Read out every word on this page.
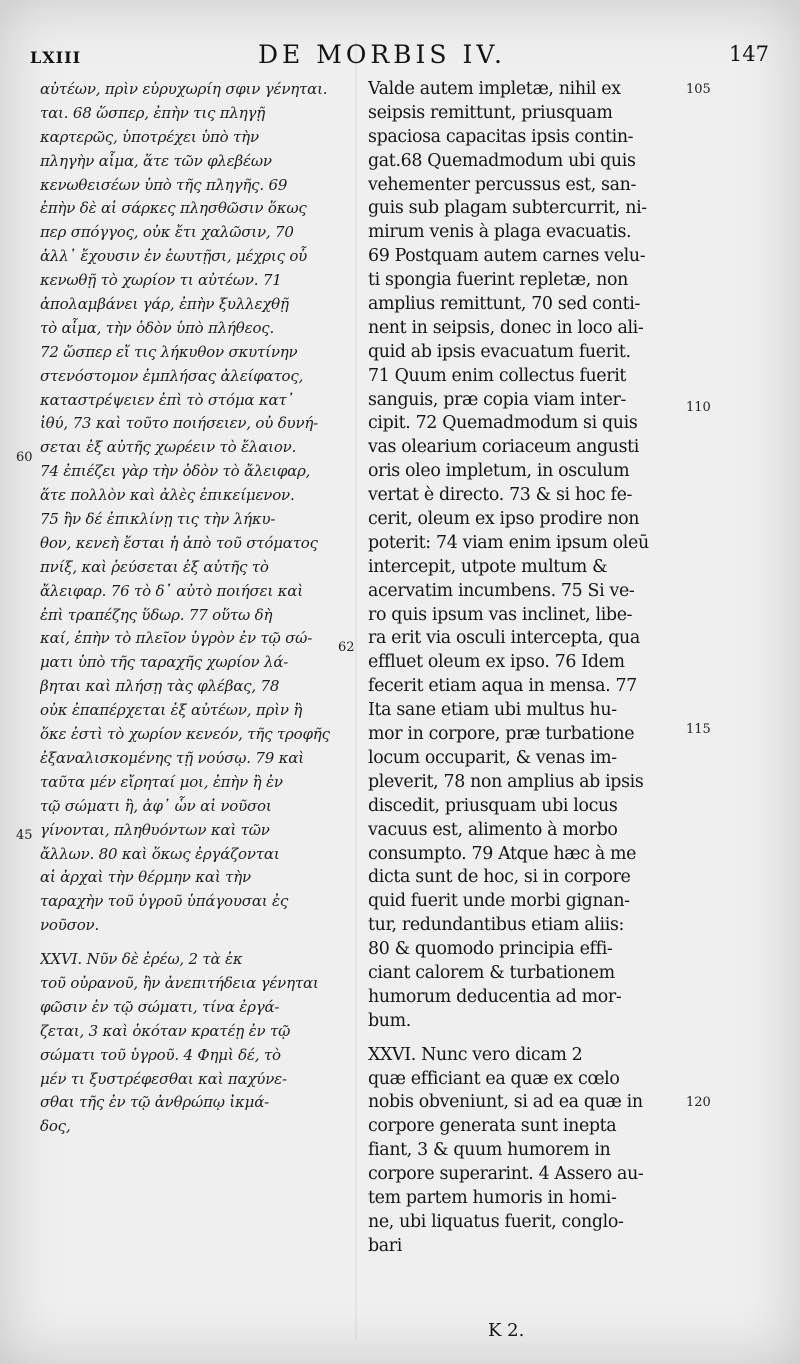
LXIII	DE MORBIS IV.	147
αὐτέων, πρὶν εὐρυχωρίη σφιν γένηται.
ται. 68 ὥσπερ, ἐπὴν τις πληγῇ
καρτερῶς, ὑποτρέχει ὑπὸ τὴν
πληγὴν αἷμα, ἅτε τῶν φλεβέων
κενωθεισέων ὑπὸ τῆς πληγῆς. 69
ἐπὴν δὲ αἱ σάρκες πλησθῶσιν ὅκως
περ σπόγγος, οὐκ ἔτι χαλῶσιν, 70
ἀλλ᾽ ἔχουσιν ἐν ἑωυτῇσι, μέχρις οὗ
κενωθῇ τὸ χωρίον τι αὐτέων. 71
ἀπολαμβάνει γάρ, ἐπὴν ξυλλεχθῇ
τὸ αἷμα, τὴν ὁδὸν ὑπὸ πλήθεος.
72 ὥσπερ εἴ τις λήκυθον σκυτίνην
στενόστομον ἐμπλήσας ἀλείφατος,
καταστρέψειεν ἐπὶ τὸ στόμα κατ᾽
ἰθύ, 73 καὶ τοῦτο ποιήσειεν, οὐ δυνή-
σεται ἐξ αὐτῆς χωρέειν τὸ ἔλαιον.
74 ἐπιέζει γὰρ τὴν ὁδὸν τὸ ἄλειφαρ,
ἅτε πολλὸν καὶ ἀλὲς ἐπικείμενον.
75 ἢν δέ ἐπικλίνῃ τις τὴν λήκυ-
θον, κενεὴ ἔσται ἡ ἀπὸ τοῦ στόματος
πνίξ, καὶ ῥεύσεται ἐξ αὐτῆς τὸ
ἄλειφαρ. 76 τὸ δ᾽ αὐτὸ ποιήσει καὶ
ἐπὶ τραπέζης ὕδωρ. 77 οὕτω δὴ
καί, ἐπὴν τὸ πλεῖον ὑγρὸν ἐν τῷ σώ-
ματι ὑπὸ τῆς ταραχῆς χωρίον λά-
βηται καὶ πλήσῃ τὰς φλέβας, 78
οὐκ ἐπαπέρχεται ἐξ αὐτέων, πρὶν ἢ
ὅκε ἐστὶ τὸ χωρίον κενεόν, τῆς τροφῆς
ἐξαναλισκομένης τῇ νούσῳ. 79 καὶ
ταῦτα μέν εἴρηταί μοι, ἐπὴν ἢ ἐν
τῷ σώματι ἢ, ἀφ᾽ ὧν αἱ νοῦσοι
γίνονται, πληθυόντων καὶ τῶν
ἄλλων. 80 καὶ ὅκως ἐργάζονται
αἱ ἀρχαὶ τὴν θέρμην καὶ τὴν
ταραχὴν τοῦ ὑγροῦ ὑπάγουσαι ἐς
νοῦσον.
XXVI. Νῦν δὲ ἐρέω, 2 τὰ ἐκ
τοῦ οὐρανοῦ, ἢν ἀνεπιτήδεια γένηται
φῶσιν ἐν τῷ σώματι, τίνα ἐργά-
ζεται, 3 καὶ ὁκόταν κρατέῃ ἐν τῷ
σώματι τοῦ ὑγροῦ. 4 Φημὶ δέ, τὸ
μέν τι ξυστρέφεσθαι καὶ παχύνε-
σθαι τῆς ἐν τῷ ἀνθρώπῳ ἰκμά-
δος,
Valde autem impletæ, nihil ex
seipsis remittunt, priusquam
spaciosa capacitas ipsis contin-
gat.68 Quemadmodum ubi quis
vehementer percussus est, san-
guis sub plagam subtercurrit, ni-
mirum venis à plaga evacuatis.
69 Postquam autem carnes velu-
ti spongia fuerint repletæ, non
amplius remittunt, 70 sed conti-
nent in seipsis, donec in loco ali-
quid ab ipsis evacuatum fuerit.
71 Quum enim collectus fuerit
sanguis, præ copia viam inter-
cipit. 72 Quemadmodum si quis
vas olearium coriaceum angusti
oris oleo impletum, in osculum
vertat è directo. 73 & si hoc fe-
cerit, oleum ex ipso prodire non
poterit: 74 viam enim ipsum oleū
intercepit, utpote multum &
acervatim incumbens. 75 Si ve-
ro quis ipsum vas inclinet, libe-
ra erit via osculi intercepta, qua
effluet oleum ex ipso. 76 Idem
fecerit etiam aqua in mensa. 77
Ita sane etiam ubi multus hu-
mor in corpore, præ turbatione
locum occuparit, & venas im-
pleverit, 78 non amplius ab ipsis
discedit, priusquam ubi locus
vacuus est, alimento à morbo
consumpto. 79 Atque hæc à me
dicta sunt de hoc, si in corpore
quid fuerit unde morbi gignan-
tur, redundantibus etiam aliis:
80 & quomodo principia effi-
ciant calorem & turbationem
humorum deducentia ad mor-
bum.
XXVI. Nunc vero dicam 2
quæ efficiant ea quæ ex cœlo
nobis obveniunt, si ad ea quæ in
corpore generata sunt inepta
fiant, 3 & quum humorem in
corpore superarint. 4 Assero au-
tem partem humoris in homi-
ne, ubi liquatus fuerit, conglo-
bari
105
110
115
120
62
60
45
K 2.
